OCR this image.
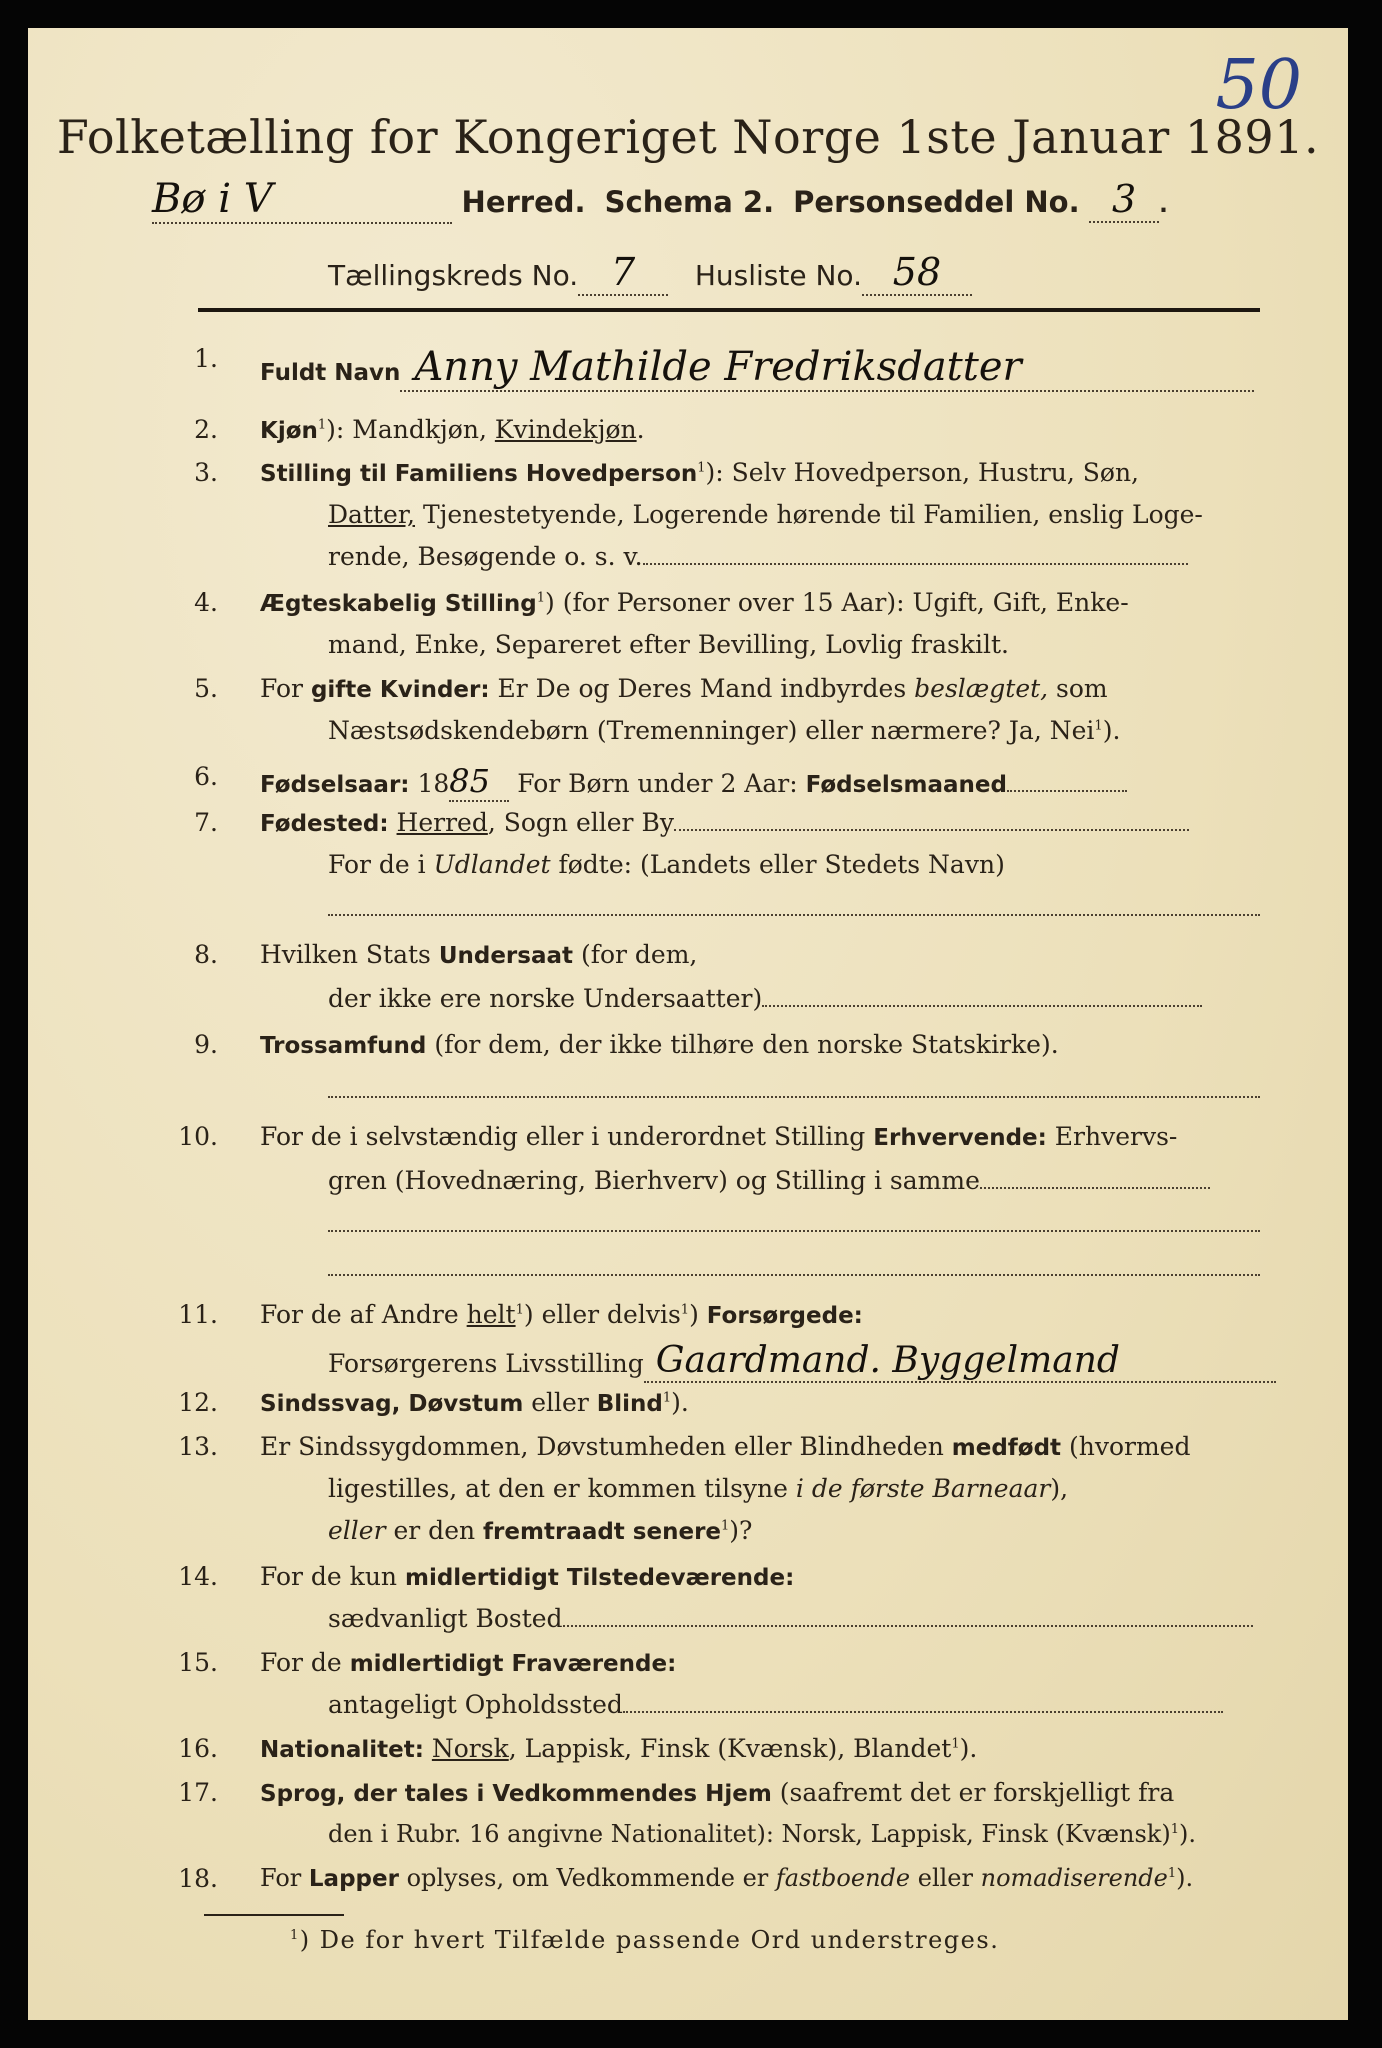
50
Folketælling for Kongeriget Norge 1ste Januar 1891.
Bø i V	Herred. Schema 2. Personseddel No. 3 .
Tællingskreds No. 7 Husliste No. 58
1. Fuldt Navn Anny Mathilde Fredriksdatter
2. Kjøn$^1$): Mandkjøn, Kvindekjøn.
3. Stilling til Familiens Hovedperson$^1$): Selv Hovedperson, Hustru, Søn,
Datter, Tjenestetyende, Logerende hørende til Familien, enslig Loge-
rende, Besøgende o. s. v.
4. Ægteskabelig Stilling$^1$) (for Personer over 15 Aar): Ugift, Gift, Enke-
mand, Enke, Separeret efter Bevilling, Lovlig fraskilt.
5. For gifte Kvinder: Er De og Deres Mand indbyrdes beslægtet, som
Næstsødskendebørn (Tremenninger) eller nærmere? Ja, Nei$^1$).
6. Fødselsaar: 1885 For Børn under 2 Aar: Fødselsmaaned
7. Fødested: Herred, Sogn eller By
For de i Udlandet fødte: (Landets eller Stedets Navn)
8. Hvilken Stats Undersaat (for dem,
der ikke ere norske Undersaatter)
9. Trossamfund (for dem, der ikke tilhøre den norske Statskirke).
10. For de i selvstændig eller i underordnet Stilling Erhvervende: Erhvervs-
gren (Hovednæring, Bierhverv) og Stilling i samme
11. For de af Andre helt$^1$) eller delvis$^1$) Forsørgede:
Forsørgerens Livsstilling Gaardmand. Byggelmand
12. Sindssvag, Døvstum eller Blind$^1$).
13. Er Sindssygdommen, Døvstumheden eller Blindheden medfødt (hvormed
ligestilles, at den er kommen tilsyne i de første Barneaar),
eller er den fremtraadt senere$^1$)?
14. For de kun midlertidigt Tilstedeværende:
sædvanligt Bosted
15. For de midlertidigt Fraværende:
antageligt Opholdssted
16. Nationalitet: Norsk, Lappisk, Finsk (Kvænsk), Blandet$^1$).
17. Sprog, der tales i Vedkommendes Hjem (saafremt det er forskjelligt fra
den i Rubr. 16 angivne Nationalitet): Norsk, Lappisk, Finsk (Kvænsk)$^1$).
18. For Lapper oplyses, om Vedkommende er fastboende eller nomadiserende$^1$).
$^1$) De for hvert Tilfælde passende Ord understreges.
